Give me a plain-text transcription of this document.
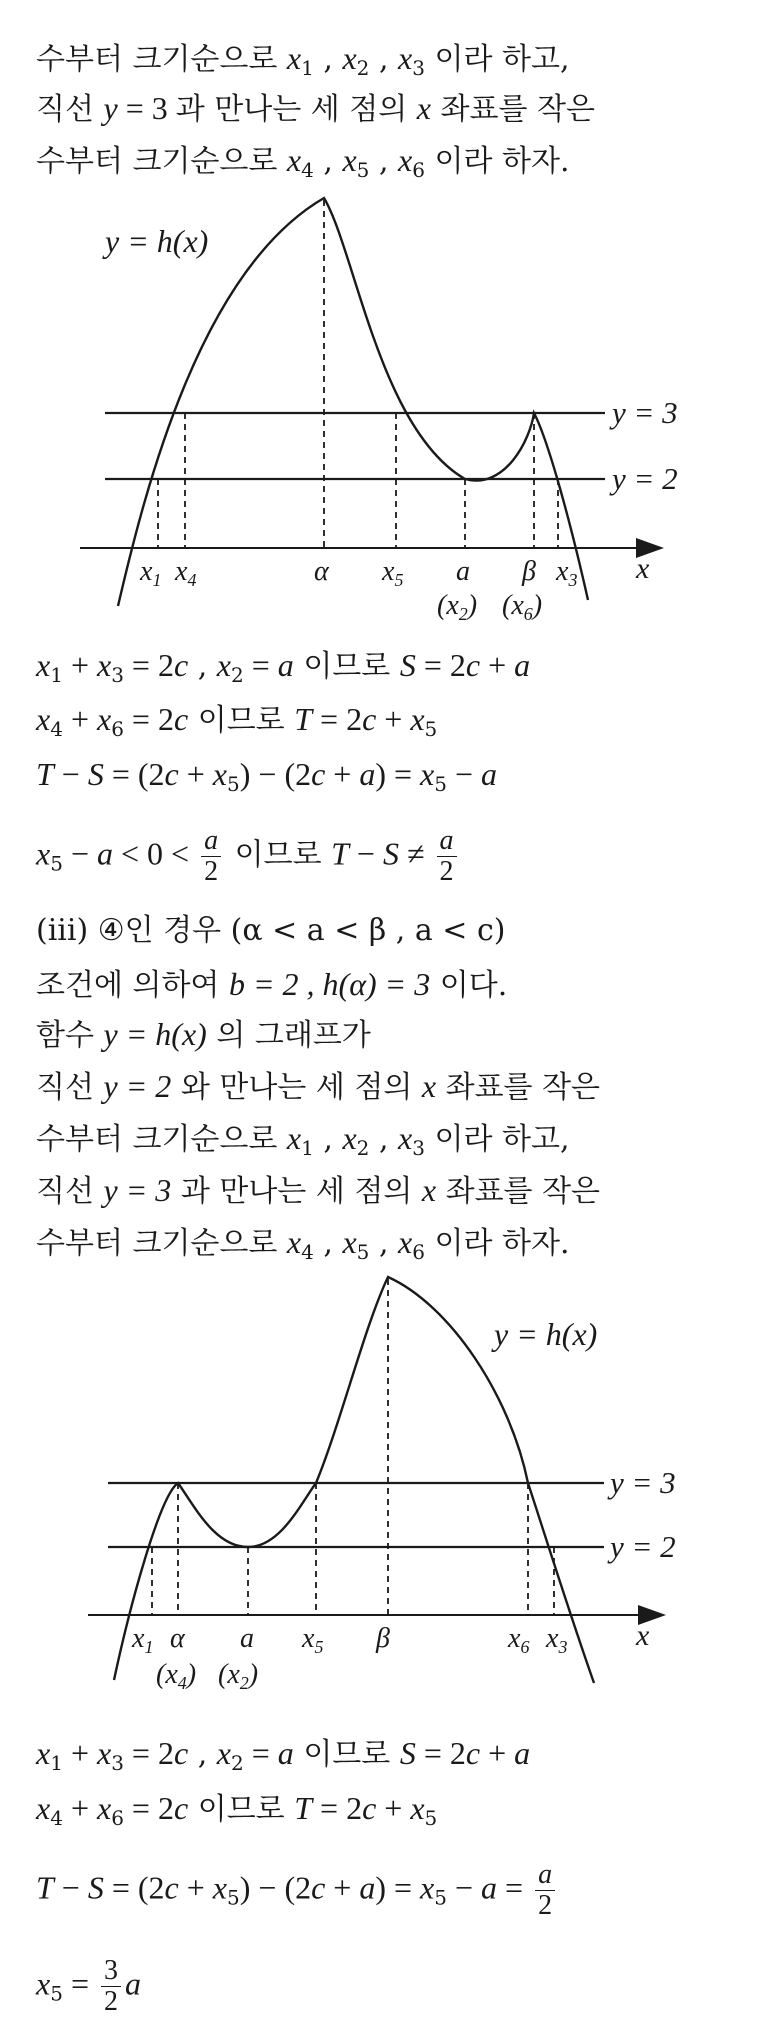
수부터 크기순으로 $x_1$ , $x_2$ , $x_3$ 이라 하고,
직선 y = 3 과 만나는 세 점의 x 좌표를 작은
수부터 크기순으로 $x_4$ , $x_5$ , $x_6$ 이라 하자.
y = h(x)
y = 3
y = 2
x
$x_1$ $x_4$	α $x_5$ a β $x_3$
$(x_2)$ $(x_6)$
$x_1 + x_3 = 2c$ , $x_2 = a$ 이므로 S = 2c + a
$x_4 + x_6 = 2c$ 이므로 $T = 2c + x_5$
$T - S = (2c + x_5) - (2c + a) = x_5 - a$
$x_5 - a < 0 < \frac{a}{2}$ 이므로 $T - S \ne \frac{a}{2}$
(iii) ④인 경우 (α < a < β , a < c)
조건에 의하여 b = 2 , h(α) = 3 이다.
함수 y = h(x) 의 그래프가
직선 y = 2 와 만나는 세 점의 x 좌표를 작은
수부터 크기순으로 $x_1$ , $x_2$ , $x_3$ 이라 하고,
직선 y = 3 과 만나는 세 점의 x 좌표를 작은
수부터 크기순으로 $x_4$ , $x_5$ , $x_6$ 이라 하자.
y = h(x)
y = 3
y = 2
x
$x_1$ α a $x_5$ β	$x_6$ $x_3$
$(x_4)$ $(x_2)$
$x_1 + x_3 = 2c$ , $x_2 = a$ 이므로 S = 2c + a
$x_4 + x_6 = 2c$ 이므로 $T = 2c + x_5$
$T - S = (2c + x_5) - (2c + a) = x_5 - a = \frac{a}{2}$
$x_5 = \frac{3}{2}$ a
